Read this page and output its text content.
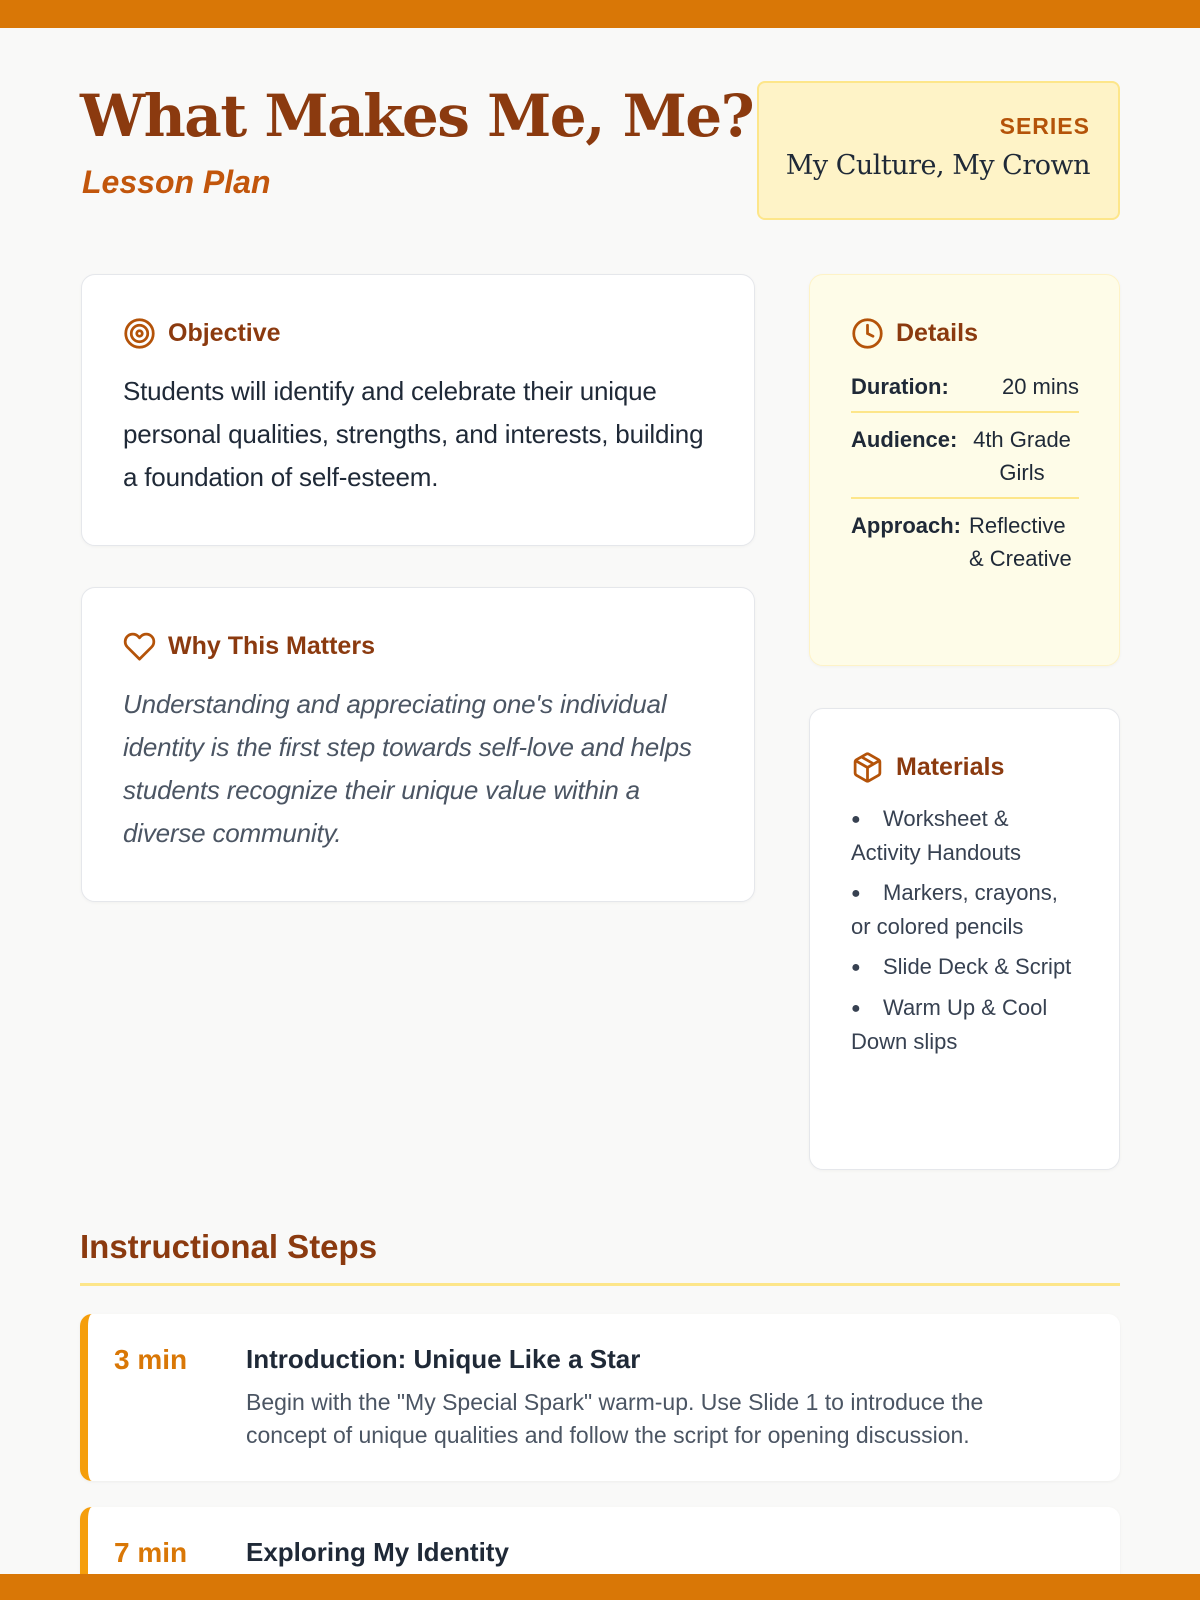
What Makes Me, Me?
Lesson Plan
SERIES
My Culture, My Crown
Objective

Students will identify and celebrate their unique personal qualities, strengths, and interests, building a foundation of self-esteem.

Why This Matters

Understanding and appreciating one's individual identity is the first step towards self-love and helps students recognize their unique value within a diverse community.

Details
Duration:	20 mins
Audience: 4th Grade Girls
Approach: Reflective & Creative
Materials
● Worksheet & Activity Handouts
● Markers, crayons, or colored pencils
● Slide Deck & Script
● Warm Up & Cool Down slips
Instructional Steps
3 min Introduction: Unique Like a Star
Begin with the "My Special Spark" warm-up. Use Slide 1 to introduce the concept of unique qualities and follow the script for opening discussion.
7 min Exploring My Identity
